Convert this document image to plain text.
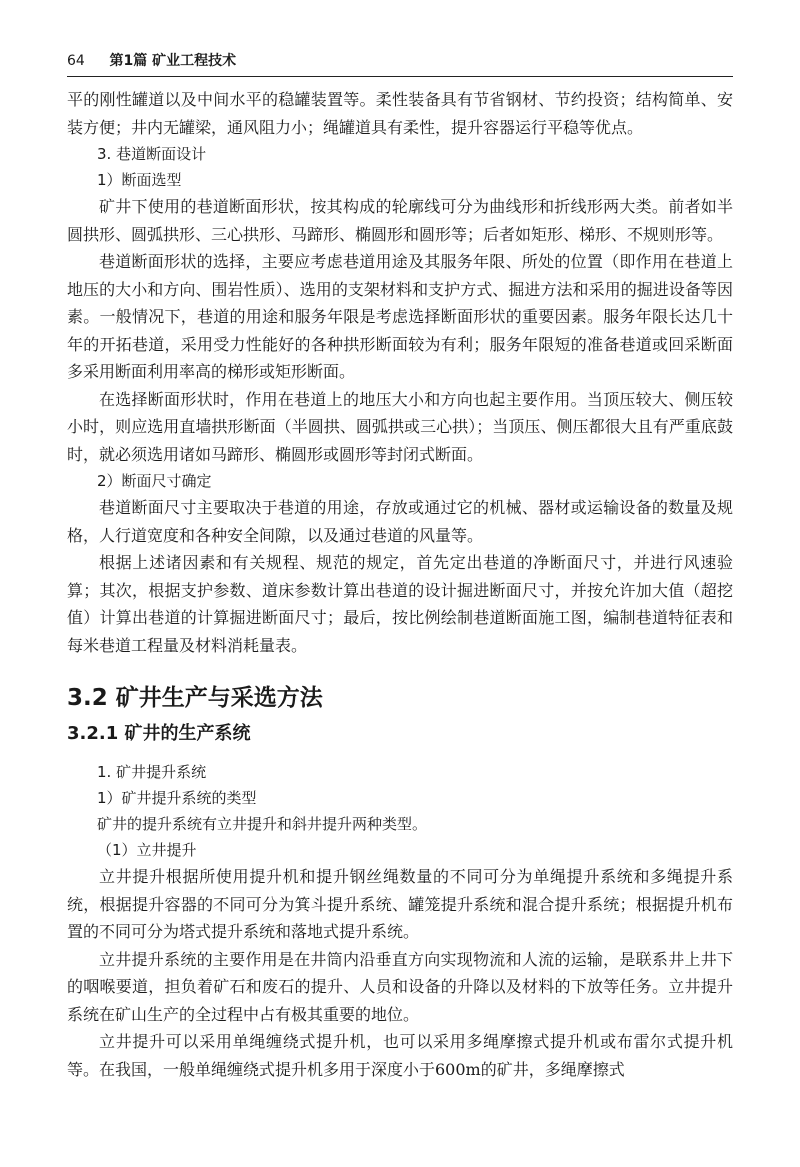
64 第1篇 矿业工程技术

平的刚性罐道以及中间水平的稳罐装置等。柔性装备具有节省钢材、节约投资；结构简单、安装方便；井内无罐梁，通风阻力小；绳罐道具有柔性，提升容器运行平稳等优点。

3. 巷道断面设计

1）断面选型

矿井下使用的巷道断面形状，按其构成的轮廓线可分为曲线形和折线形两大类。前者如半圆拱形、圆弧拱形、三心拱形、马蹄形、椭圆形和圆形等；后者如矩形、梯形、不规则形等。

巷道断面形状的选择，主要应考虑巷道用途及其服务年限、所处的位置（即作用在巷道上地压的大小和方向、围岩性质）、选用的支架材料和支护方式、掘进方法和采用的掘进设备等因素。一般情况下，巷道的用途和服务年限是考虑选择断面形状的重要因素。服务年限长达几十年的开拓巷道，采用受力性能好的各种拱形断面较为有利；服务年限短的准备巷道或回采断面多采用断面利用率高的梯形或矩形断面。

在选择断面形状时，作用在巷道上的地压大小和方向也起主要作用。当顶压较大、侧压较小时，则应选用直墙拱形断面（半圆拱、圆弧拱或三心拱）；当顶压、侧压都很大且有严重底鼓时，就必须选用诸如马蹄形、椭圆形或圆形等封闭式断面。

2）断面尺寸确定

巷道断面尺寸主要取决于巷道的用途，存放或通过它的机械、器材或运输设备的数量及规格，人行道宽度和各种安全间隙，以及通过巷道的风量等。

根据上述诸因素和有关规程、规范的规定，首先定出巷道的净断面尺寸，并进行风速验算；其次，根据支护参数、道床参数计算出巷道的设计掘进断面尺寸，并按允许加大值（超挖值）计算出巷道的计算掘进断面尺寸；最后，按比例绘制巷道断面施工图，编制巷道特征表和每米巷道工程量及材料消耗量表。

3.2 矿井生产与采选方法
3.2.1 矿井的生产系统

1. 矿井提升系统

1）矿井提升系统的类型

矿井的提升系统有立井提升和斜井提升两种类型。

（1）立井提升

立井提升根据所使用提升机和提升钢丝绳数量的不同可分为单绳提升系统和多绳提升系统，根据提升容器的不同可分为箕斗提升系统、罐笼提升系统和混合提升系统；根据提升机布置的不同可分为塔式提升系统和落地式提升系统。

立井提升系统的主要作用是在井筒内沿垂直方向实现物流和人流的运输，是联系井上井下的咽喉要道，担负着矿石和废石的提升、人员和设备的升降以及材料的下放等任务。立井提升系统在矿山生产的全过程中占有极其重要的地位。

立井提升可以采用单绳缠绕式提升机，也可以采用多绳摩擦式提升机或布雷尔式提升机等。在我国，一般单绳缠绕式提升机多用于深度小于600m的矿井，多绳摩擦式
